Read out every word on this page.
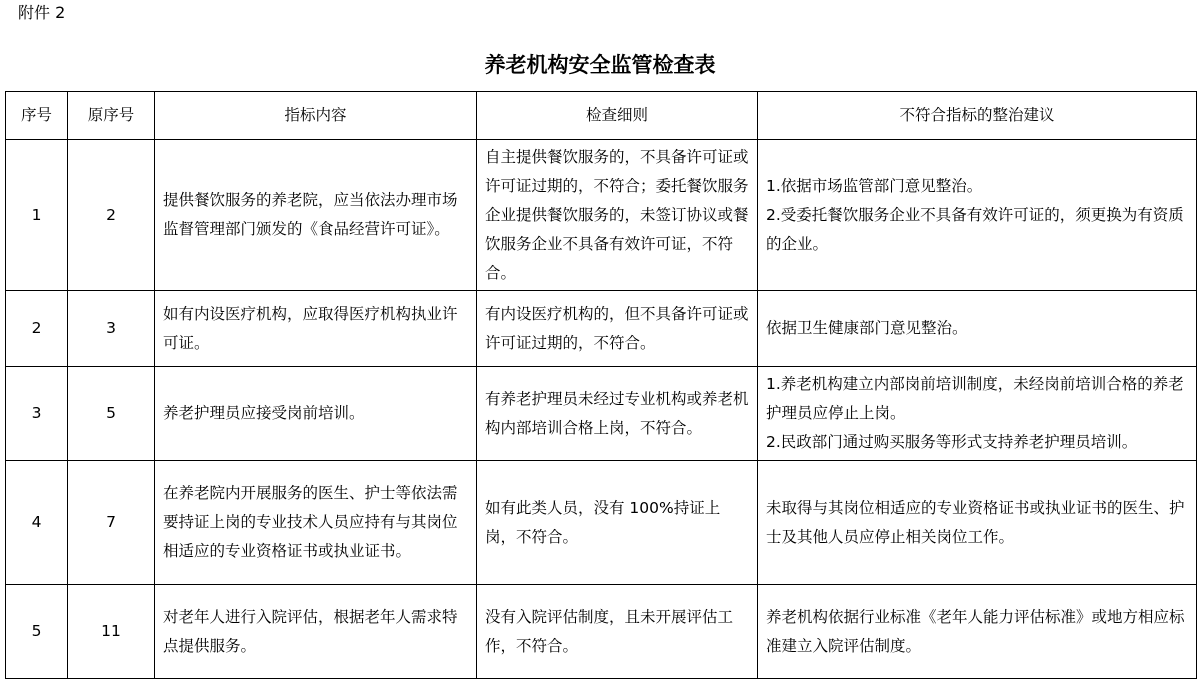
附件 2
养老机构安全监管检查表
序号	原序号	指标内容	检查细则	不符合指标的整治建议
1	2	提供餐饮服务的养老院，应当依法办理市场监督管理部门颁发的《食品经营许可证》。	自主提供餐饮服务的，不具备许可证或许可证过期的，不符合；委托餐饮服务企业提供餐饮服务的，未签订协议或餐饮服务企业不具备有效许可证，不符合。	1.依据市场监管部门意见整治。
2.受委托餐饮服务企业不具备有效许可证的，须更换为有资质的企业。

2	3	如有内设医疗机构，应取得医疗机构执业许可证。	有内设医疗机构的，但不具备许可证或许可证过期的，不符合。	依据卫生健康部门意见整治。

3	5	养老护理员应接受岗前培训。	有养老护理员未经过专业机构或养老机构内部培训合格上岗，不符合。	1.养老机构建立内部岗前培训制度，未经岗前培训合格的养老护理员应停止上岗。
2.民政部门通过购买服务等形式支持养老护理员培训。

4	7	在养老院内开展服务的医生、护士等依法需要持证上岗的专业技术人员应持有与其岗位相适应的专业资格证书或执业证书。	如有此类人员，没有 100%持证上岗，不符合。	未取得与其岗位相适应的专业资格证书或执业证书的医生、护士及其他人员应停止相关岗位工作。

5	11	对老年人进行入院评估，根据老年人需求特点提供服务。	没有入院评估制度，且未开展评估工作，不符合。	养老机构依据行业标准《老年人能力评估标准》或地方相应标准建立入院评估制度。
